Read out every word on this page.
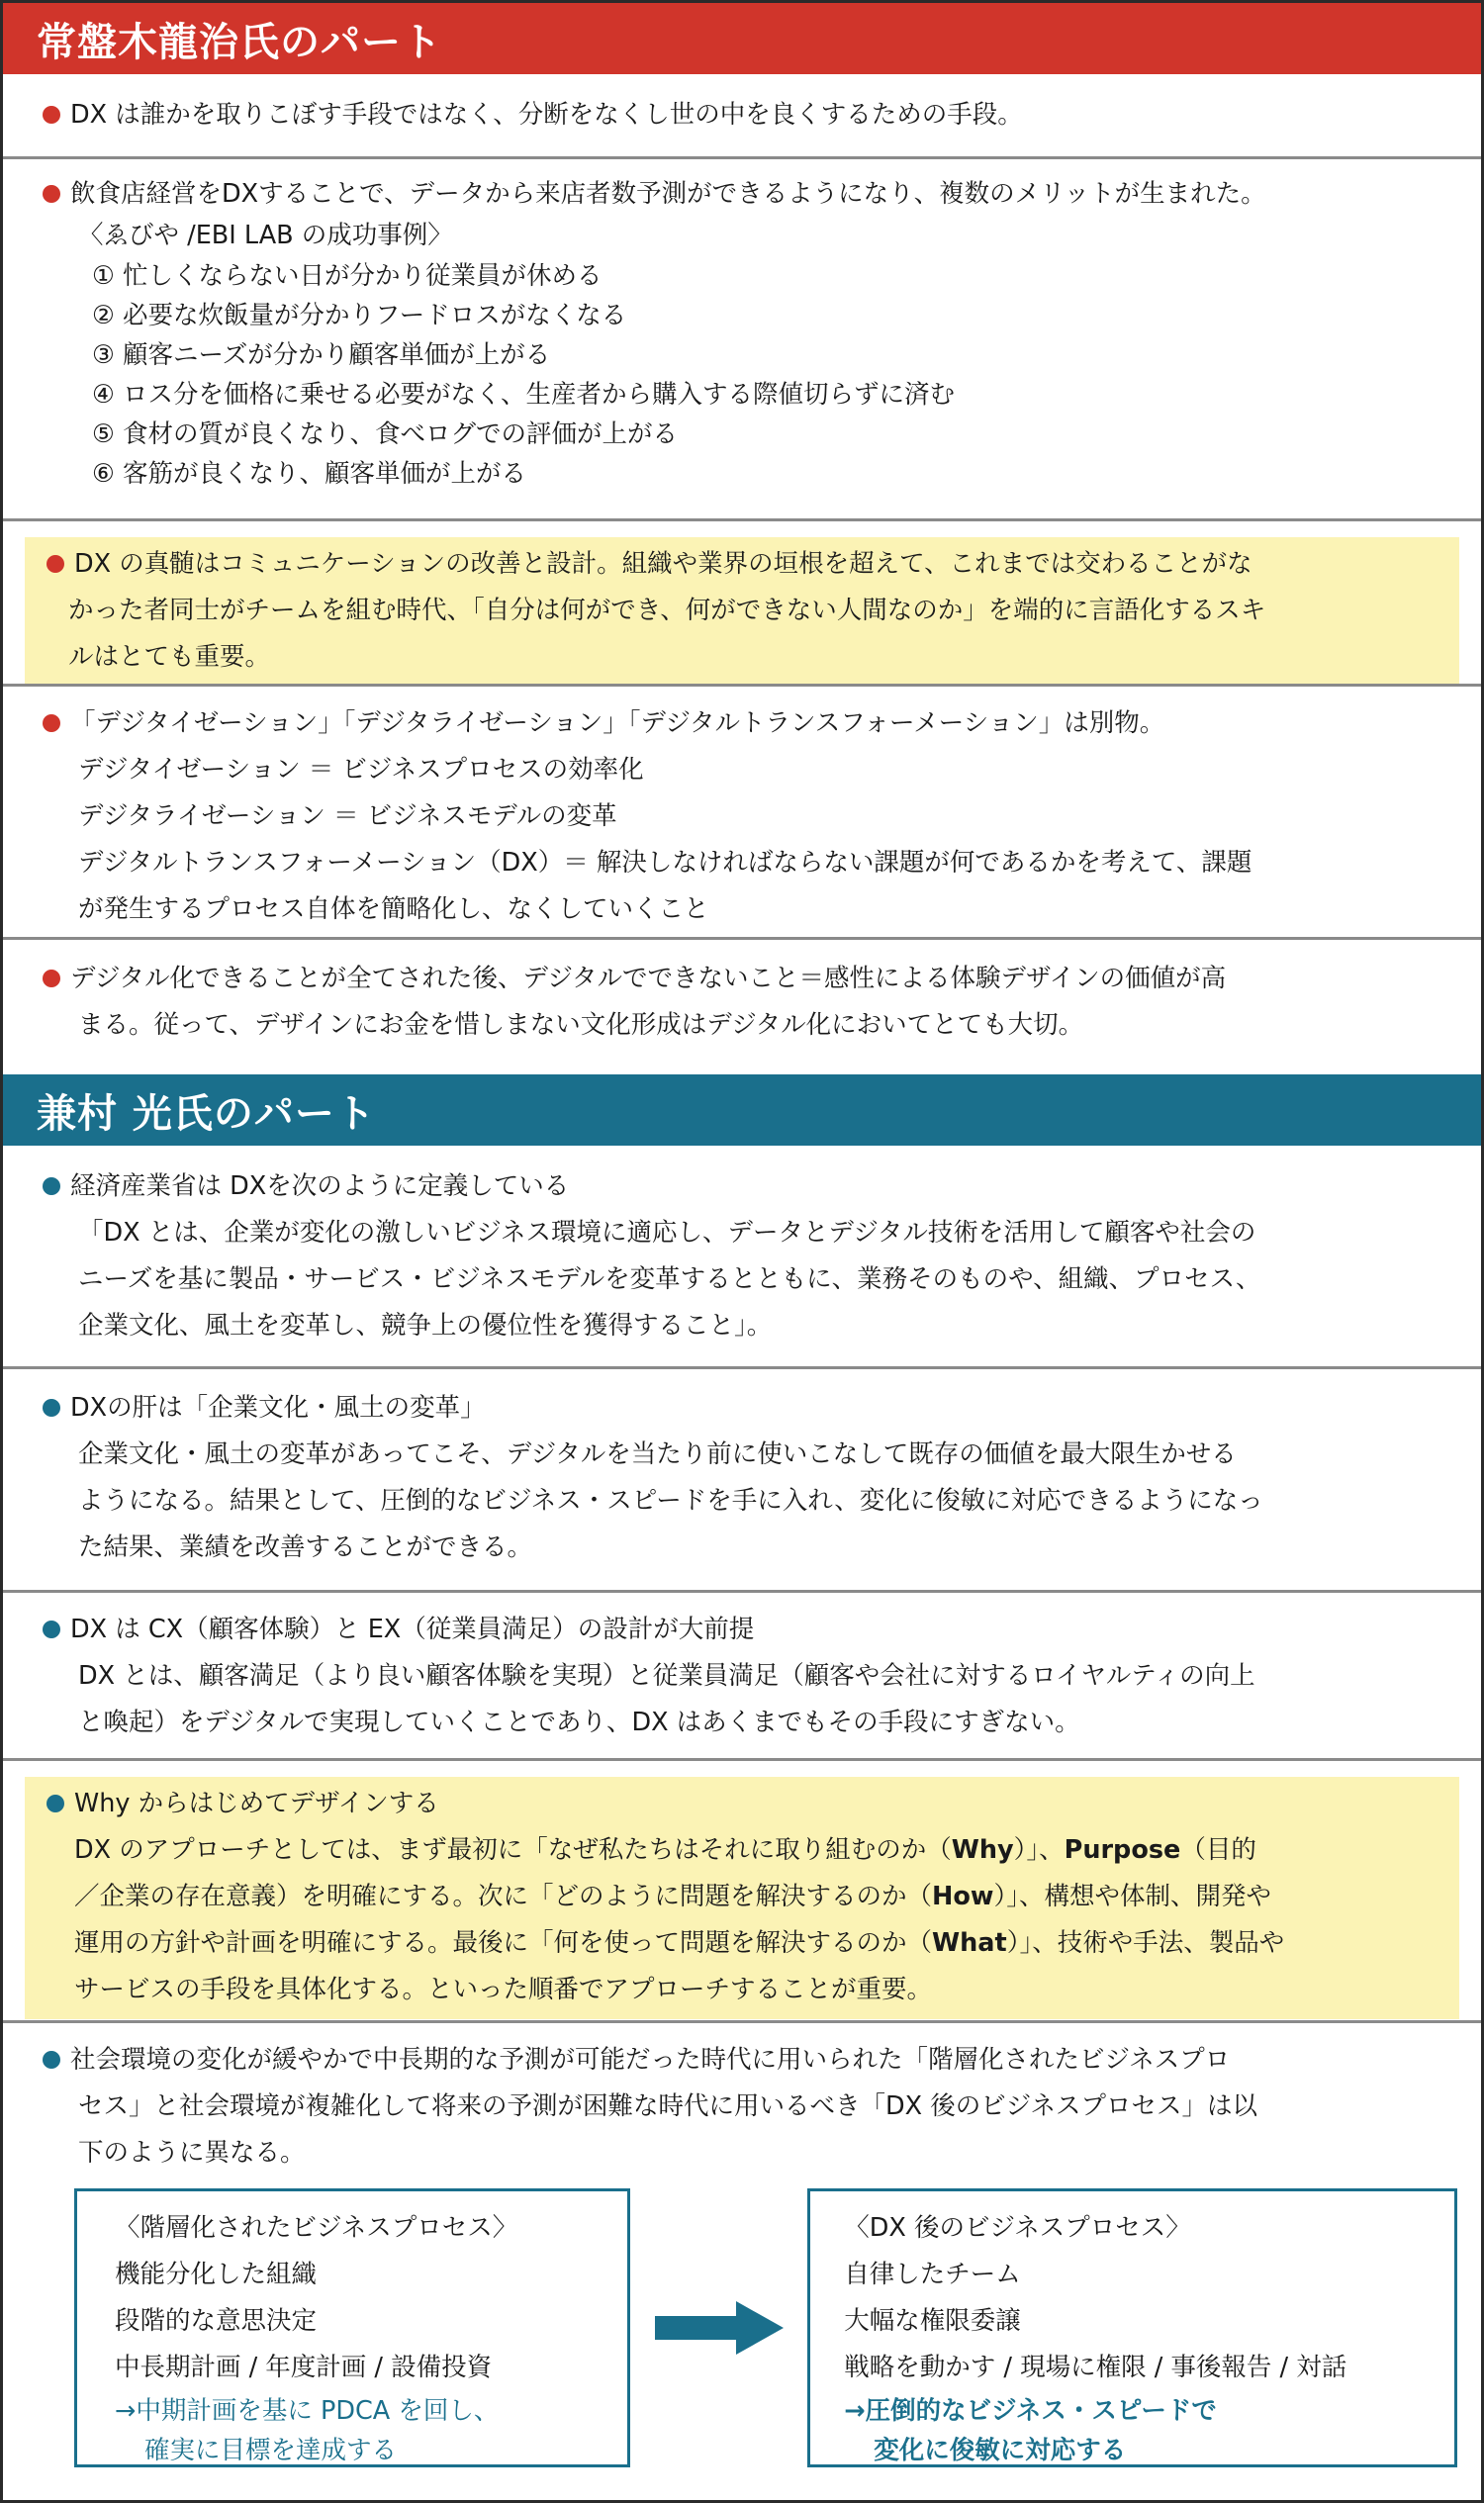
常盤木龍治氏のパート
DX は誰かを取りこぼす手段ではなく、分断をなくし世の中を良くするための手段。
飲食店経営をDXすることで、データから来店者数予測ができるようになり、複数のメリットが生まれた。
〈ゑびや /EBI LAB の成功事例〉
① 忙しくならない日が分かり従業員が休める
② 必要な炊飯量が分かりフードロスがなくなる
③ 顧客ニーズが分かり顧客単価が上がる
④ ロス分を価格に乗せる必要がなく、生産者から購入する際値切らずに済む
⑤ 食材の質が良くなり、食べログでの評価が上がる
⑥ 客筋が良くなり、顧客単価が上がる
DX の真髄はコミュニケーションの改善と設計。組織や業界の垣根を超えて、これまでは交わることがな
かった者同士がチームを組む時代、「自分は何ができ、何ができない人間なのか」を端的に言語化するスキ
ルはとても重要。
「デジタイゼーション」「デジタライゼーション」「デジタルトランスフォーメーション」は別物。
デジタイゼーション ＝ ビジネスプロセスの効率化
デジタライゼーション ＝ ビジネスモデルの変革
デジタルトランスフォーメーション（DX）＝ 解決しなければならない課題が何であるかを考えて、課題
が発生するプロセス自体を簡略化し、なくしていくこと
デジタル化できることが全てされた後、デジタルでできないこと＝感性による体験デザインの価値が高
まる。従って、デザインにお金を惜しまない文化形成はデジタル化においてとても大切。
兼村 光氏のパート
経済産業省は DXを次のように定義している
「DX とは、企業が変化の激しいビジネス環境に適応し、データとデジタル技術を活用して顧客や社会の
ニーズを基に製品・サービス・ビジネスモデルを変革するとともに、業務そのものや、組織、プロセス、
企業文化、風土を変革し、競争上の優位性を獲得すること」。
DXの肝は「企業文化・風土の変革」
企業文化・風土の変革があってこそ、デジタルを当たり前に使いこなして既存の価値を最大限生かせる
ようになる。結果として、圧倒的なビジネス・スピードを手に入れ、変化に俊敏に対応できるようになっ
た結果、業績を改善することができる。
DX は CX（顧客体験）と EX（従業員満足）の設計が大前提
DX とは、顧客満足（より良い顧客体験を実現）と従業員満足（顧客や会社に対するロイヤルティの向上
と喚起）をデジタルで実現していくことであり、DX はあくまでもその手段にすぎない。
Why からはじめてデザインする
DX のアプローチとしては、まず最初に「なぜ私たちはそれに取り組むのか（Why）」、Purpose（目的
／企業の存在意義）を明確にする。次に「どのように問題を解決するのか（How）」、構想や体制、開発や
運用の方針や計画を明確にする。最後に「何を使って問題を解決するのか（What）」、技術や手法、製品や
サービスの手段を具体化する。といった順番でアプローチすることが重要。
社会環境の変化が緩やかで中長期的な予測が可能だった時代に用いられた「階層化されたビジネスプロ
セス」と社会環境が複雑化して将来の予測が困難な時代に用いるべき「DX 後のビジネスプロセス」は以
下のように異なる。
〈階層化されたビジネスプロセス〉
機能分化した組織
段階的な意思決定
中長期計画 / 年度計画 / 設備投資
→中期計画を基に PDCA を回し、
確実に目標を達成する
〈DX 後のビジネスプロセス〉
自律したチーム
大幅な権限委譲
戦略を動かす / 現場に権限 / 事後報告 / 対話
→圧倒的なビジネス・スピードで
変化に俊敏に対応する
